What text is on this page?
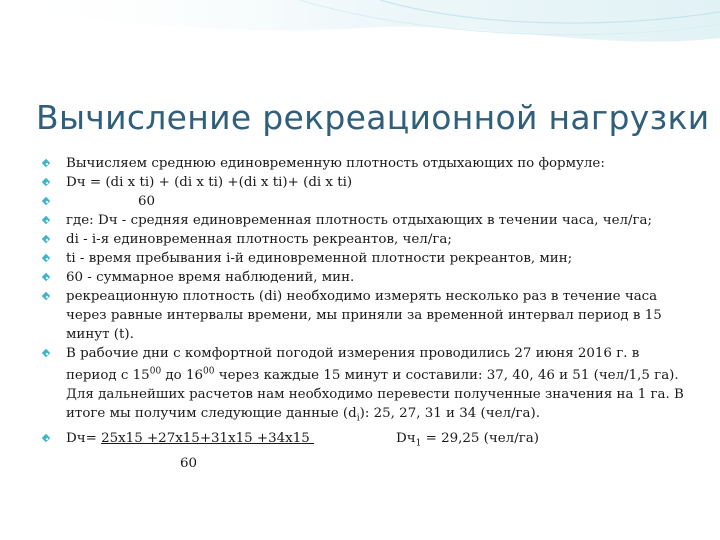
Вычисление рекреационной нагрузки
Вычисляем среднюю единовременную плотность отдыхающих по формуле:
Dч = (di x ti) + (di x ti) +(di x ti)+ (di x ti)
60
где: Dч - средняя единовременная плотность отдыхающих в течении часа, чел/га;
di - i-я единовременная плотность рекреантов, чел/га;
ti - время пребывания i-й единовременной плотности рекреантов, мин;
60 - суммарное время наблюдений, мин.
рекреационную плотность (di) необходимо измерять несколько раз в течение часа через равные интервалы времени, мы приняли за временной интервал период в 15 минут (t).
В рабочие дни с комфортной погодой измерения проводились 27 июня 2016 г. в период с $15^{00}$ до $16^{00}$ через каждые 15 минут и составили: 37, 40, 46 и 51 (чел/1,5 га). Для дальнейших расчетов нам необходимо перевести полученные значения на 1 га. В итоге мы получим следующие данные $(d_i)$: 25, 27, 31 и 34 (чел/га).
Dч= 25х15 +27х15+31х15 +34х15	$Dч_1 = 29,25$ (чел/га)
60
